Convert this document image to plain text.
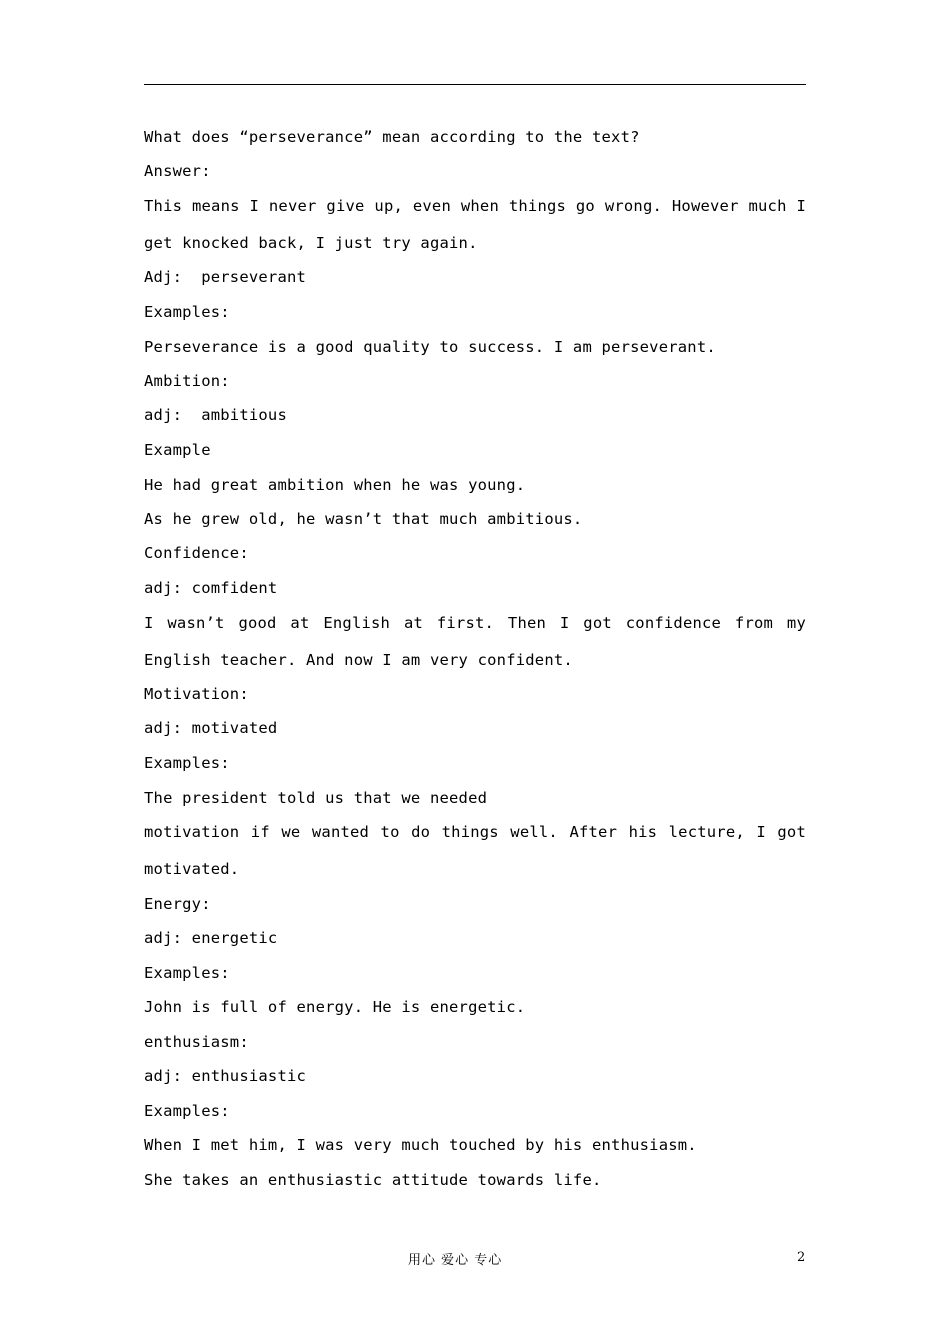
What does “perseverance” mean according to the text?
Answer:
This means I never give up, even when things go wrong. However much I
get knocked back, I just try again.
Adj:  perseverant
Examples:
Perseverance is a good quality to success. I am perseverant.
Ambition:
adj:  ambitious
Example
He had great ambition when he was young.
As he grew old, he wasn’t that much ambitious.
Confidence:
adj: comfident
I wasn’t good at English at first. Then I got confidence from my
English teacher. And now I am very confident.
Motivation:
adj: motivated
Examples:
The president told us that we needed
motivation if we wanted to do things well. After his lecture, I got
motivated.
Energy:
adj: energetic
Examples:
John is full of energy. He is energetic.
enthusiasm:
adj: enthusiastic
Examples:
When I met him, I was very much touched by his enthusiasm.
She takes an enthusiastic attitude towards life.
用心 爱心 专心	2
